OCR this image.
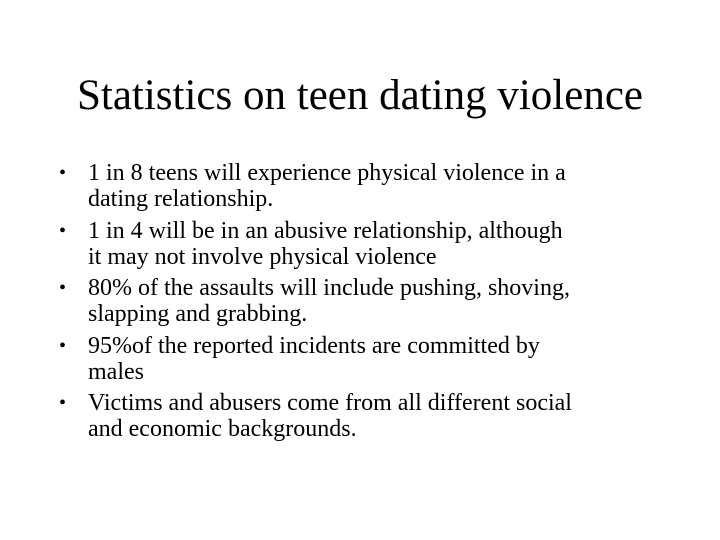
Statistics on teen dating violence
• 1 in 8 teens will experience physical violence in a
dating relationship.
• 1 in 4 will be in an abusive relationship, although
it may not involve physical violence
• 80% of the assaults will include pushing, shoving,
slapping and grabbing.
• 95%of the reported incidents are committed by
males
• Victims and abusers come from all different social
and economic backgrounds.
